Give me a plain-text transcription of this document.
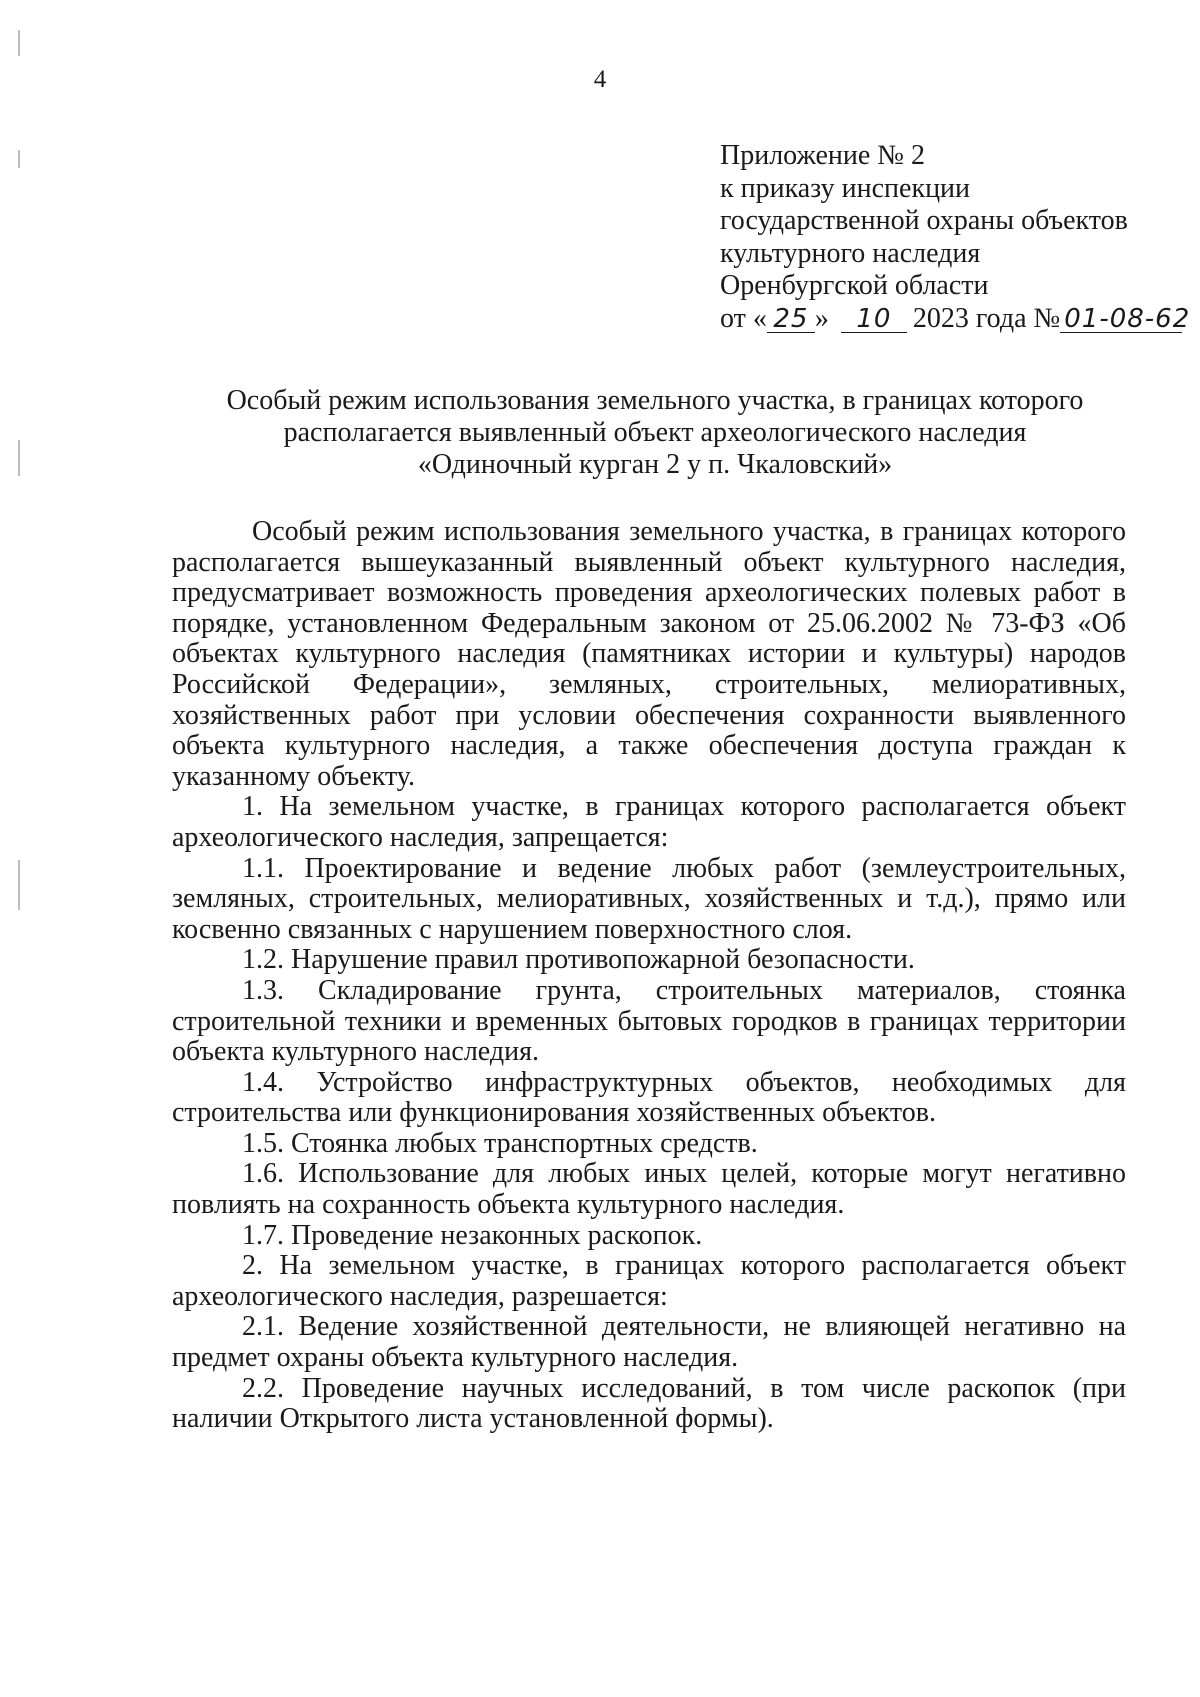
4
Приложение № 2
к приказу инспекции
государственной охраны объектов
культурного наследия
Оренбургской области
от « 25 » 10 2023 года № 01-08-62
Особый режим использования земельного участка, в границах которого
располагается выявленный объект археологического наследия
«Одиночный курган 2 у п. Чкаловский»

Особый режим использования земельного участка, в границах которого располагается вышеуказанный выявленный объект культурного наследия, предусматривает возможность проведения археологических полевых работ в порядке, установленном Федеральным законом от 25.06.2002 № 73-ФЗ «Об объектах культурного наследия (памятниках истории и культуры) народов Российской Федерации», земляных, строительных, мелиоративных, хозяйственных работ при условии обеспечения сохранности выявленного объекта культурного наследия, а также обеспечения доступа граждан к указанному объекту.

1. На земельном участке, в границах которого располагается объект археологического наследия, запрещается:

1.1. Проектирование и ведение любых работ (землеустроительных, земляных, строительных, мелиоративных, хозяйственных и т.д.), прямо или косвенно связанных с нарушением поверхностного слоя.

1.2. Нарушение правил противопожарной безопасности.

1.3. Складирование грунта, строительных материалов, стоянка строительной техники и временных бытовых городков в границах территории объекта культурного наследия.

1.4. Устройство инфраструктурных объектов, необходимых для строительства или функционирования хозяйственных объектов.

1.5. Стоянка любых транспортных средств.

1.6. Использование для любых иных целей, которые могут негативно повлиять на сохранность объекта культурного наследия.

1.7. Проведение незаконных раскопок.

2. На земельном участке, в границах которого располагается объект археологического наследия, разрешается:

2.1. Ведение хозяйственной деятельности, не влияющей негативно на предмет охраны объекта культурного наследия.

2.2. Проведение научных исследований, в том числе раскопок (при наличии Открытого листа установленной формы).
